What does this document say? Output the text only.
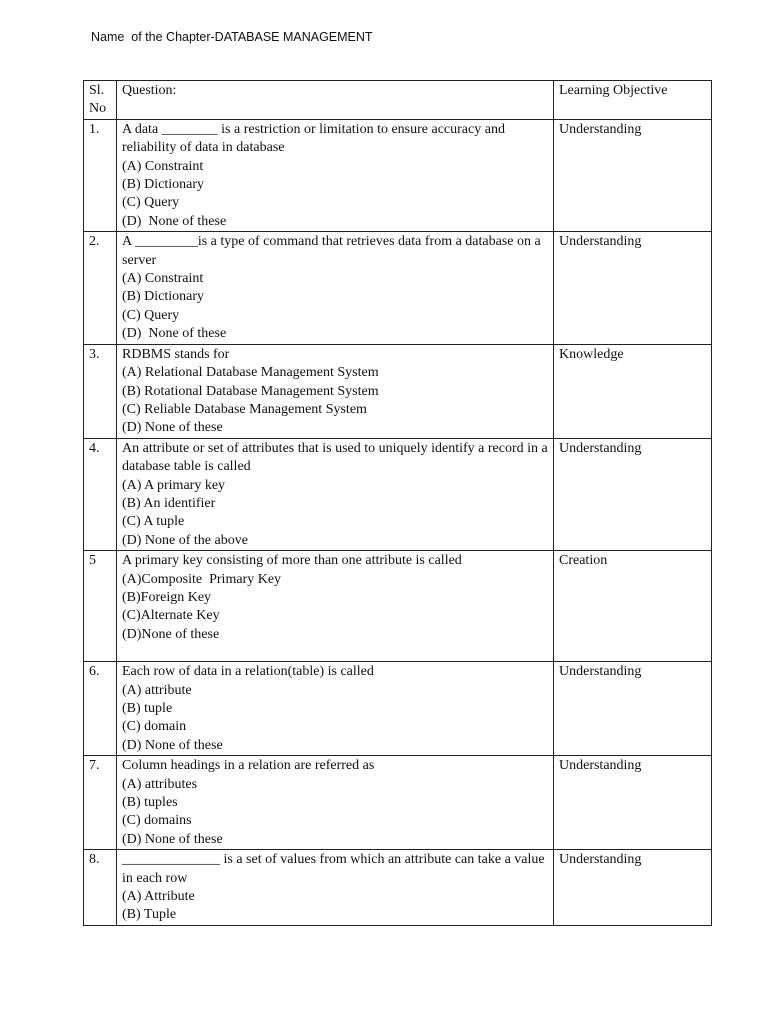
Name  of the Chapter-DATABASE MANAGEMENT
Sl.
No	Question:	Learning Objective
1.	A data ________ is a restriction or limitation to ensure accuracy and reliability of data in database
(A) Constraint
(B) Dictionary
(C) Query
(D)  None of these	Understanding
2.	A _________is a type of command that retrieves data from a database on a server
(A) Constraint
(B) Dictionary
(C) Query
(D)  None of these	Understanding
3.	RDBMS stands for
(A) Relational Database Management System
(B) Rotational Database Management System
(C) Reliable Database Management System
(D) None of these	Knowledge
4.	An attribute or set of attributes that is used to uniquely identify a record in a database table is called
(A) A primary key
(B) An identifier
(C) A tuple
(D) None of the above	Understanding
5	A primary key consisting of more than one attribute is called
(A)Composite  Primary Key
(B)Foreign Key
(C)Alternate Key
(D)None of these	Creation
6.	Each row of data in a relation(table) is called
(A) attribute
(B) tuple
(C) domain
(D) None of these	Understanding
7.	Column headings in a relation are referred as
(A) attributes
(B) tuples
(C) domains
(D) None of these	Understanding
8.	______________ is a set of values from which an attribute can take a value in each row
(A) Attribute
(B) Tuple	Understanding
